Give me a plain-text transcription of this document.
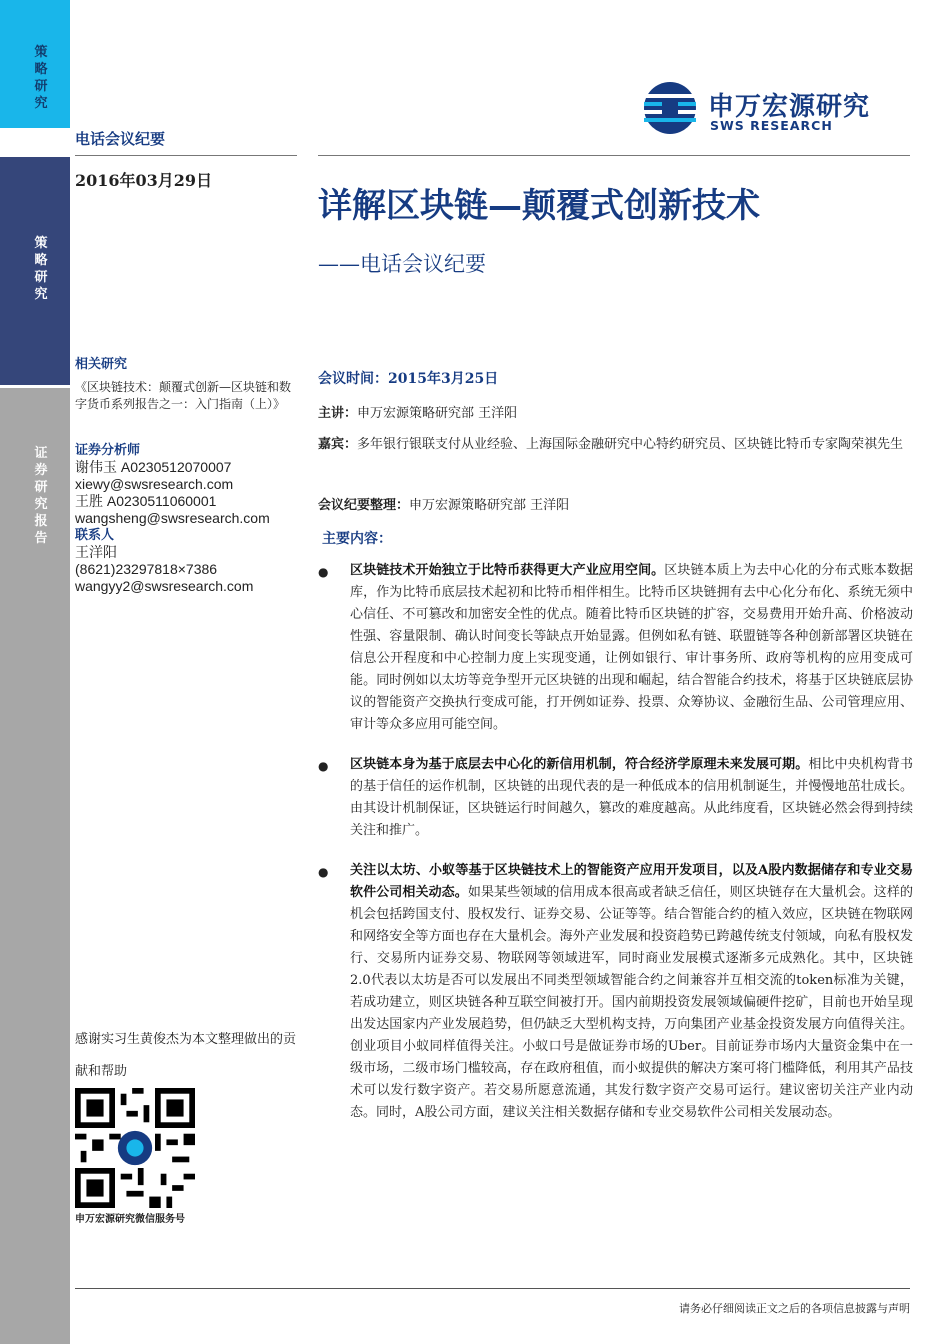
策略研究
策略研究
证券研究报告
电话会议纪要
2016年03月29日
申万宏源研究
SWS RESEARCH
详解区块链—颠覆式创新技术
——电话会议纪要
相关研究
《区块链技术：颠覆式创新—区块链和数字货币系列报告之一：入门指南（上）》
证券分析师
谢伟玉 A0230512070007
xiewy@swsresearch.com
王胜 A0230511060001
wangsheng@swsresearch.com
联系人
王洋阳
(8621)23297818×7386
wangyy2@swsresearch.com
感谢实习生黄俊杰为本文整理做出的贡献和帮助
申万宏源研究微信服务号
会议时间：2015年3月25日
主讲：申万宏源策略研究部 王洋阳
嘉宾：多年银行银联支付从业经验、上海国际金融研究中心特约研究员、区块链比特币专家陶荣祺先生
会议纪要整理：申万宏源策略研究部 王洋阳
主要内容：
●	区块链技术开始独立于比特币获得更大产业应用空间。区块链本质上为去中心化的分布式账本数据库，作为比特币底层技术起初和比特币相伴相生。比特币区块链拥有去中心化分布化、系统无须中心信任、不可篡改和加密安全性的优点。随着比特币区块链的扩容，交易费用开始升高、价格波动性强、容量限制、确认时间变长等缺点开始显露。但例如私有链、联盟链等各种创新部署区块链在信息公开程度和中心控制力度上实现变通，让例如银行、审计事务所、政府等机构的应用变成可能。同时例如以太坊等竞争型开元区块链的出现和崛起，结合智能合约技术，将基于区块链底层协议的智能资产交换执行变成可能，打开例如证券、投票、众筹协议、金融衍生品、公司管理应用、审计等众多应用可能空间。
●	区块链本身为基于底层去中心化的新信用机制，符合经济学原理未来发展可期。相比中央机构背书的基于信任的运作机制，区块链的出现代表的是一种低成本的信用机制诞生，并慢慢地茁壮成长。由其设计机制保证，区块链运行时间越久，篡改的难度越高。从此纬度看，区块链必然会得到持续关注和推广。
●	关注以太坊、小蚁等基于区块链技术上的智能资产应用开发项目，以及A股内数据储存和专业交易软件公司相关动态。如果某些领域的信用成本很高或者缺乏信任，则区块链存在大量机会。这样的机会包括跨国支付、股权发行、证券交易、公证等等。结合智能合约的植入效应，区块链在物联网和网络安全等方面也存在大量机会。海外产业发展和投资趋势已跨越传统支付领域，向私有股权发行、交易所内证券交易、物联网等领域进军，同时商业发展模式逐渐多元成熟化。其中，区块链2.0代表以太坊是否可以发展出不同类型领域智能合约之间兼容并互相交流的token标准为关键，若成功建立，则区块链各种互联空间被打开。国内前期投资发展领域偏硬件挖矿，目前也开始呈现出发达国家内产业发展趋势，但仍缺乏大型机构支持，万向集团产业基金投资发展方向值得关注。创业项目小蚁同样值得关注。小蚁口号是做证券市场的Uber。目前证券市场内大量资金集中在一级市场，二级市场门槛较高，存在政府租值，而小蚁提供的解决方案可将门槛降低，利用其产品技术可以发行数字资产。若交易所愿意流通，其发行数字资产交易可运行。建议密切关注产业内动态。同时，A股公司方面，建议关注相关数据存储和专业交易软件公司相关发展动态。
请务必仔细阅读正文之后的各项信息披露与声明
